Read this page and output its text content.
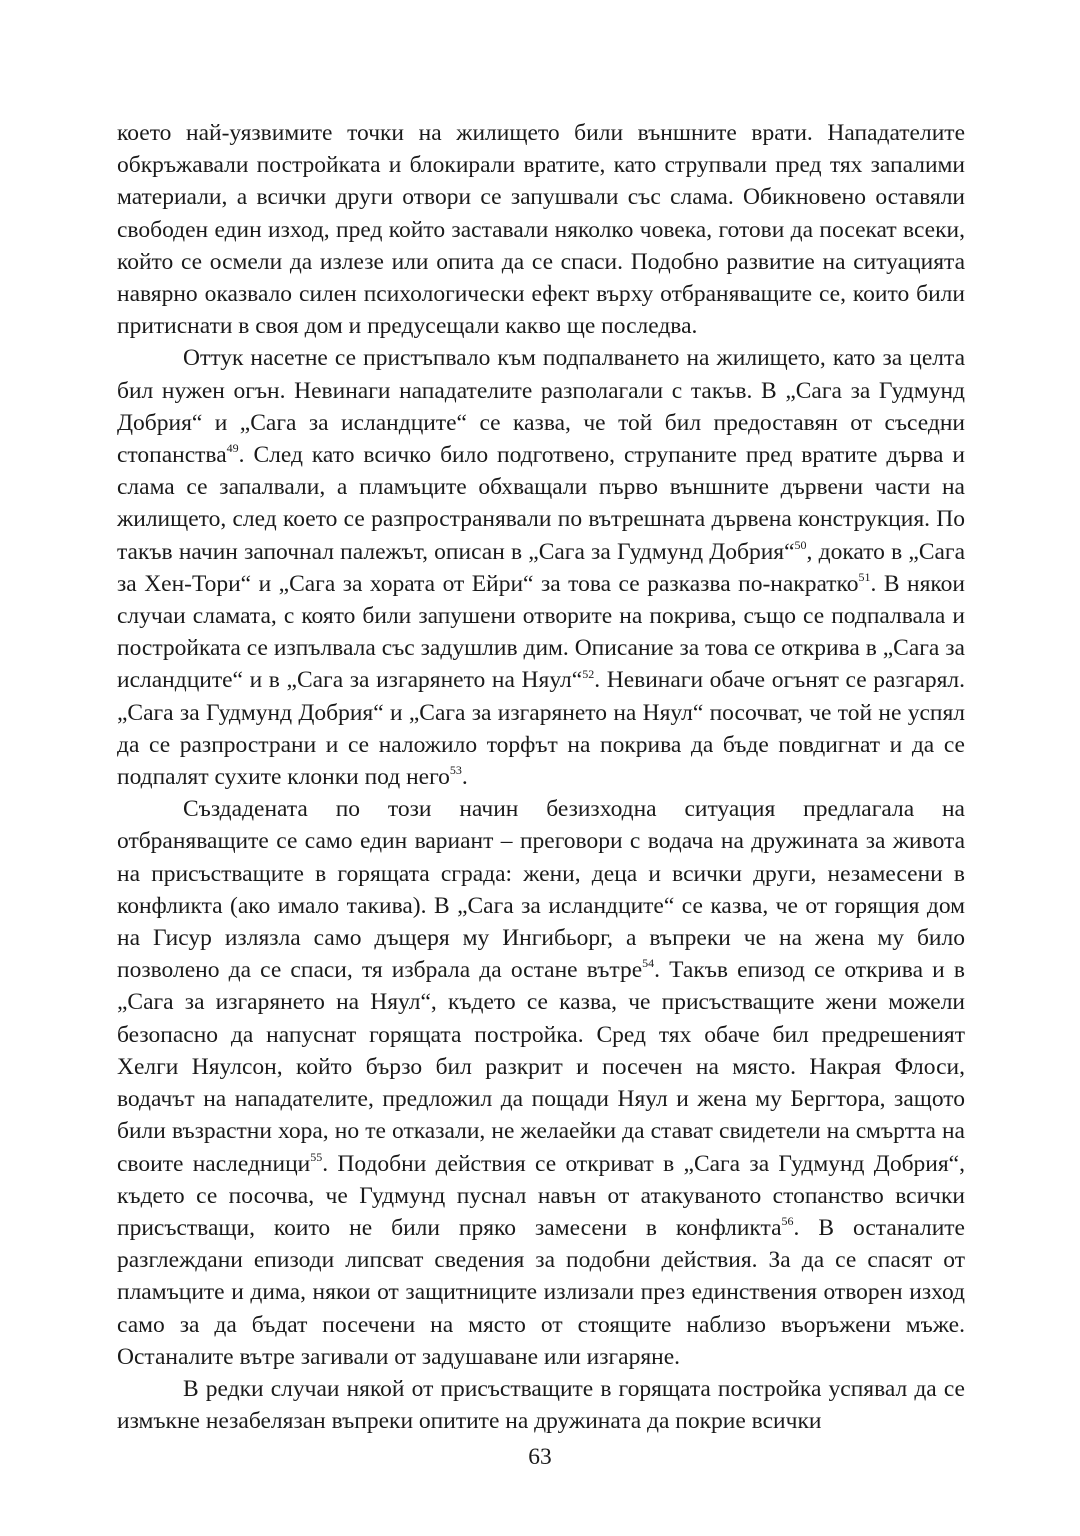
което най-уязвимите точки на жилището били външните врати. Нападателите обкръжавали постройката и блокирали вратите, като струпвали пред тях запалими материали, а всички други отвори се запушвали със слама. Обикновено оставяли свободен един изход, пред който заставали няколко човека, готови да посекат всеки, който се осмели да излезе или опита да се спаси. Подобно развитие на ситуацията навярно оказвало силен психологически ефект върху отбраняващите се, които били притиснати в своя дом и предусещали какво ще последва.

Оттук насетне се пристъпвало към подпалването на жилището, като за целта бил нужен огън. Невинаги нападателите разполагали с такъв. В „Сага за Гудмунд Добрия“ и „Сага за исландците“ се казва, че той бил предоставян от съседни стопанства$^{49}$. След като всичко било подготвено, струпаните пред вратите дърва и слама се запалвали, а пламъците обхващали първо външните дървени части на жилището, след което се разпространявали по вътрешната дървена конструкция. По такъв начин започнал палежът, описан в „Сага за Гудмунд Добрия“$^{50}$, докато в „Сага за Хен-Тори“ и „Сага за хората от Ейри“ за това се разказва по-накратко$^{51}$. В някои случаи сламата, с която били запушени отворите на покрива, също се подпалвала и постройката се изпълвала със задушлив дим. Описание за това се открива в „Сага за исландците“ и в „Сага за изгарянето на Няул“$^{52}$. Невинаги обаче огънят се разгарял. „Сага за Гудмунд Добрия“ и „Сага за изгарянето на Няул“ посочват, че той не успял да се разпространи и се наложило торфът на покрива да бъде повдигнат и да се подпалят сухите клонки под него$^{53}$.

Създадената по този начин безизходна ситуация предлагала на отбраняващите се само един вариант – преговори с водача на дружината за живота на присъстващите в горящата сграда: жени, деца и всички други, незамесени в конфликта (ако имало такива). В „Сага за исландците“ се казва, че от горящия дом на Гисур излязла само дъщеря му Ингибьорг, а въпреки че на жена му било позволено да се спаси, тя избрала да остане вътре$^{54}$. Такъв епизод се открива и в „Сага за изгарянето на Няул“, където се казва, че присъстващите жени можели безопасно да напуснат горящата постройка. Сред тях обаче бил предрешеният Хелги Няулсон, който бързо бил разкрит и посечен на място. Накрая Флоси, водачът на нападателите, предложил да пощади Няул и жена му Бергтора, защото били възрастни хора, но те отказали, не желаейки да стават свидетели на смъртта на своите наследници$^{55}$. Подобни действия се откриват в „Сага за Гудмунд Добрия“, където се посочва, че Гудмунд пуснал навън от атакуваното стопанство всички присъстващи, които не били пряко замесени в конфликта$^{56}$. В останалите разглеждани епизоди липсват сведения за подобни действия. За да се спасят от пламъците и дима, някои от защитниците излизали през единствения отворен изход само за да бъдат посечени на място от стоящите наблизо въоръжени мъже. Останалите вътре загивали от задушаване или изгаряне.

В редки случаи някой от присъстващите в горящата постройка успявал да се измъкне незабелязан въпреки опитите на дружината да покрие всички

63
